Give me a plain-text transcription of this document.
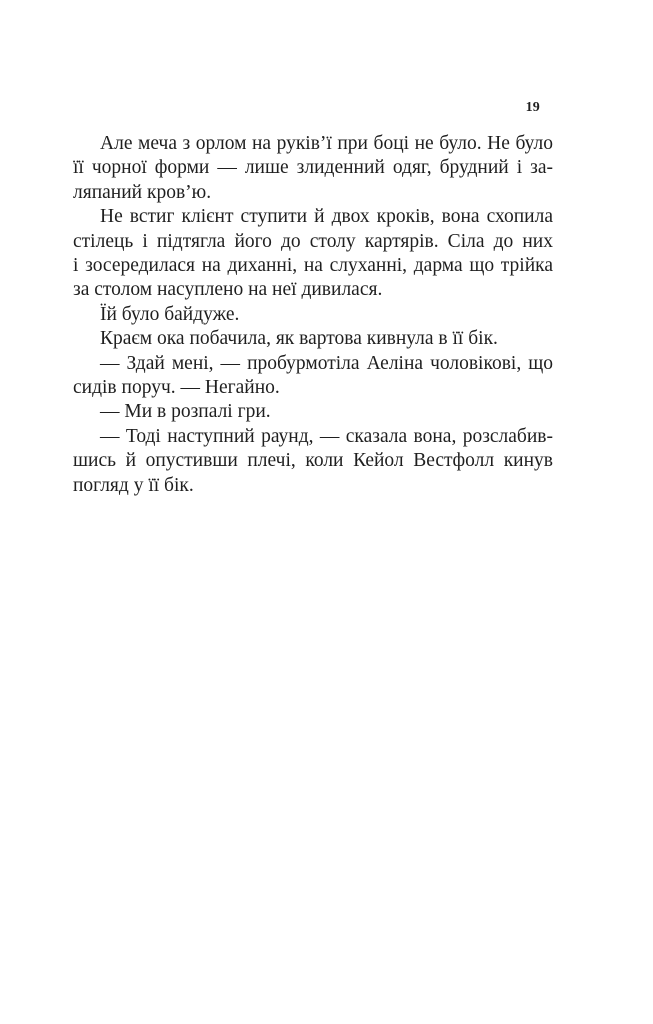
19
Але меча з орлом на руків’ї при боці не було. Не було
її чорної форми — лише злиденний одяг, брудний і за-
ляпаний кров’ю.
Не встиг клієнт ступити й двох кроків, вона схопила
стілець і підтягла його до столу картярів. Сіла до них
і зосередилася на диханні, на слуханні, дарма що трійка
за столом насуплено на неї дивилася.
Їй було байдуже.
Краєм ока побачила, як вартова кивнула в її бік.
— Здай мені, — пробурмотіла Аеліна чоловікові, що
сидів поруч. — Негайно.
— Ми в розпалі гри.
— Тоді наступний раунд, — сказала вона, розслабив-
шись й опустивши плечі, коли Кейол Вестфолл кинув
погляд у її бік.
